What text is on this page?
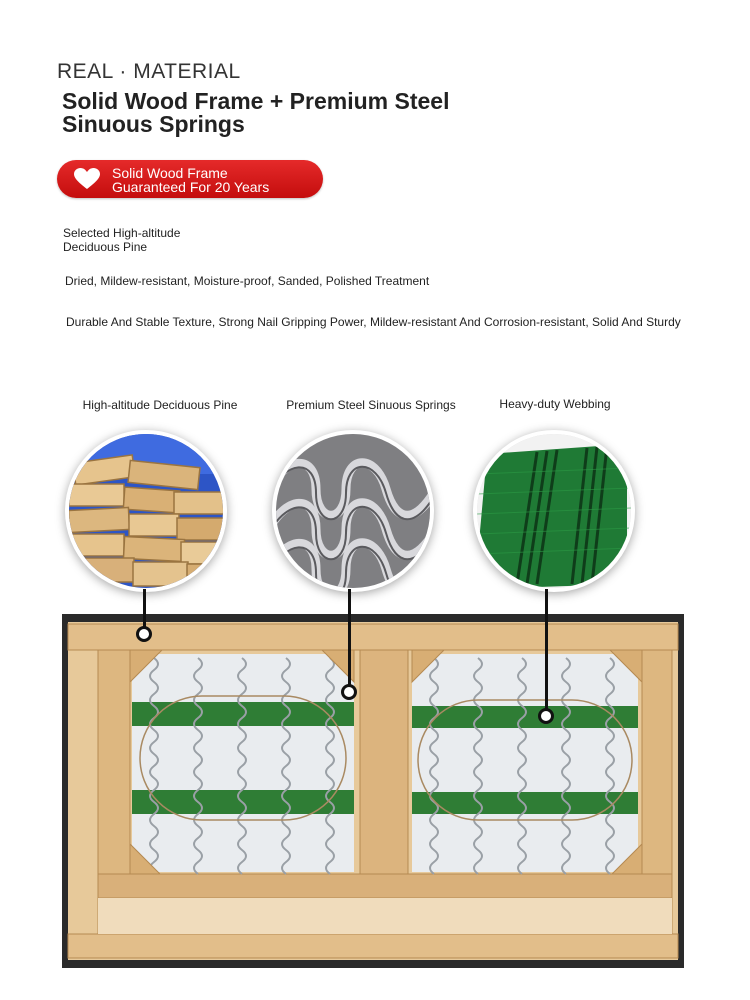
REAL · MATERIAL
Solid Wood Frame + Premium Steel
Sinuous Springs
Solid Wood Frame
Guaranteed For 20 Years
Selected High-altitude
Deciduous Pine
Dried, Mildew-resistant, Moisture-proof, Sanded, Polished Treatment
Durable And Stable Texture, Strong Nail Gripping Power, Mildew-resistant And Corrosion-resistant, Solid And Sturdy
High-altitude Deciduous Pine	Premium Steel Sinuous Springs	Heavy-duty Webbing
